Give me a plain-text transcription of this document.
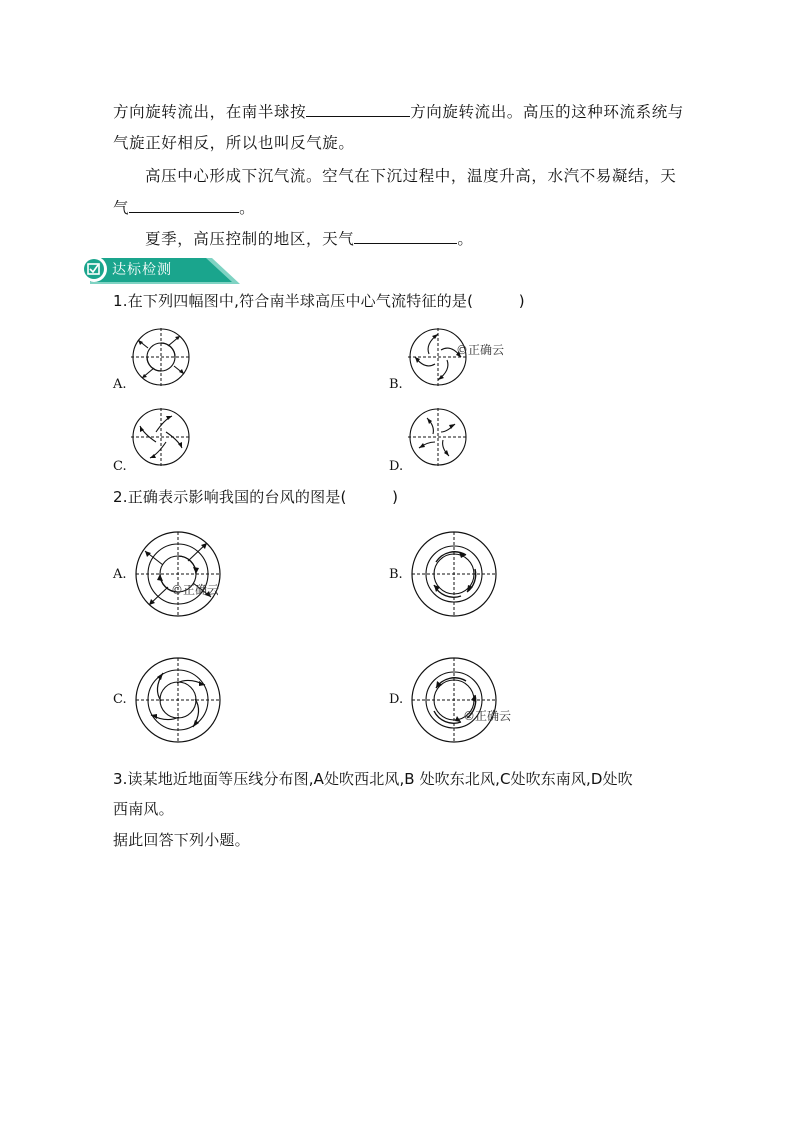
方向旋转流出，在南半球按	方向旋转流出。高压的这种环流系统与
气旋正好相反，所以也叫反气旋。
高压中心形成下沉气流。空气在下沉过程中，温度升高，水汽不易凝结，天
气	。
夏季，高压控制的地区，天气	。
达标检测
1.在下列四幅图中,符合南半球高压中心气流特征的是(　　　)
A.	B.
©正确云
C.	D.
2.正确表示影响我国的台风的图是(　　　)
A.
©正确云
B.
C.	D.
©正确云
3.读某地近地面等压线分布图,A处吹西北风,B 处吹东北风,C处吹东南风,D处吹
西南风。
据此回答下列小题。
